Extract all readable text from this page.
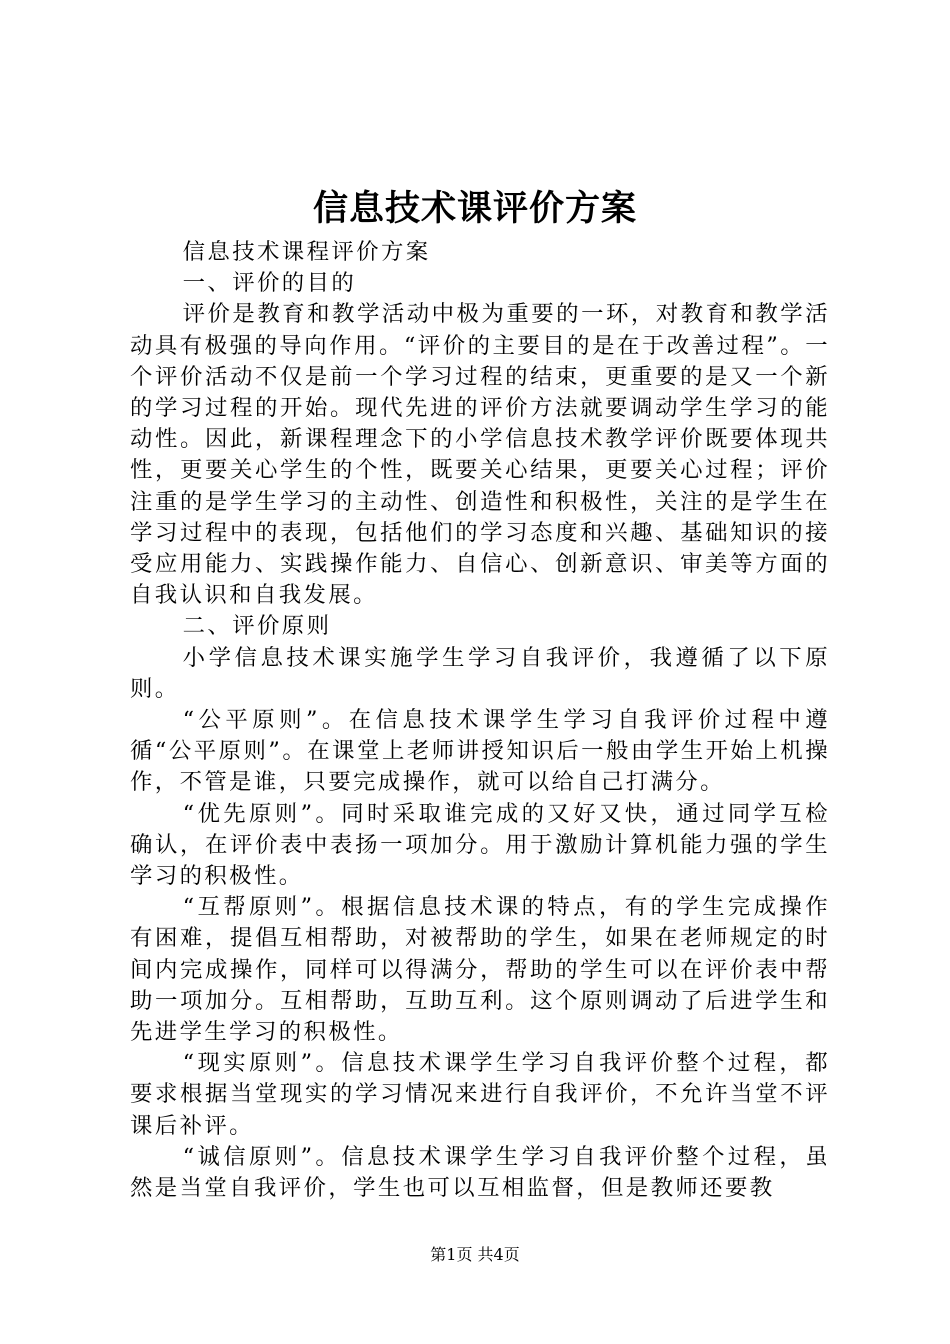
信息技术课评价方案

信息技术课程评价方案

一、评价的目的

评价是教育和教学活动中极为重要的一环，对教育和教学活动具有极强的导向作用。“评价的主要目的是在于改善过程”。一个评价活动不仅是前一个学习过程的结束，更重要的是又一个新的学习过程的开始。现代先进的评价方法就要调动学生学习的能动性。因此，新课程理念下的小学信息技术教学评价既要体现共性，更要关心学生的个性，既要关心结果，更要关心过程；评价注重的是学生学习的主动性、创造性和积极性，关注的是学生在学习过程中的表现，包括他们的学习态度和兴趣、基础知识的接受应用能力、实践操作能力、自信心、创新意识、审美等方面的自我认识和自我发展。

二、评价原则

小学信息技术课实施学生学习自我评价，我遵循了以下原则。

“公平原则”。在信息技术课学生学习自我评价过程中遵循“公平原则”。在课堂上老师讲授知识后一般由学生开始上机操作，不管是谁，只要完成操作，就可以给自己打满分。

“优先原则”。同时采取谁完成的又好又快，通过同学互检确认，在评价表中表扬一项加分。用于激励计算机能力强的学生学习的积极性。

“互帮原则”。根据信息技术课的特点，有的学生完成操作有困难，提倡互相帮助，对被帮助的学生，如果在老师规定的时间内完成操作，同样可以得满分，帮助的学生可以在评价表中帮助一项加分。互相帮助，互助互利。这个原则调动了后进学生和先进学生学习的积极性。

“现实原则”。信息技术课学生学习自我评价整个过程，都要求根据当堂现实的学习情况来进行自我评价，不允许当堂不评课后补评。

“诚信原则”。信息技术课学生学习自我评价整个过程，虽然是当堂自我评价，学生也可以互相监督，但是教师还要教

第1页 共4页
